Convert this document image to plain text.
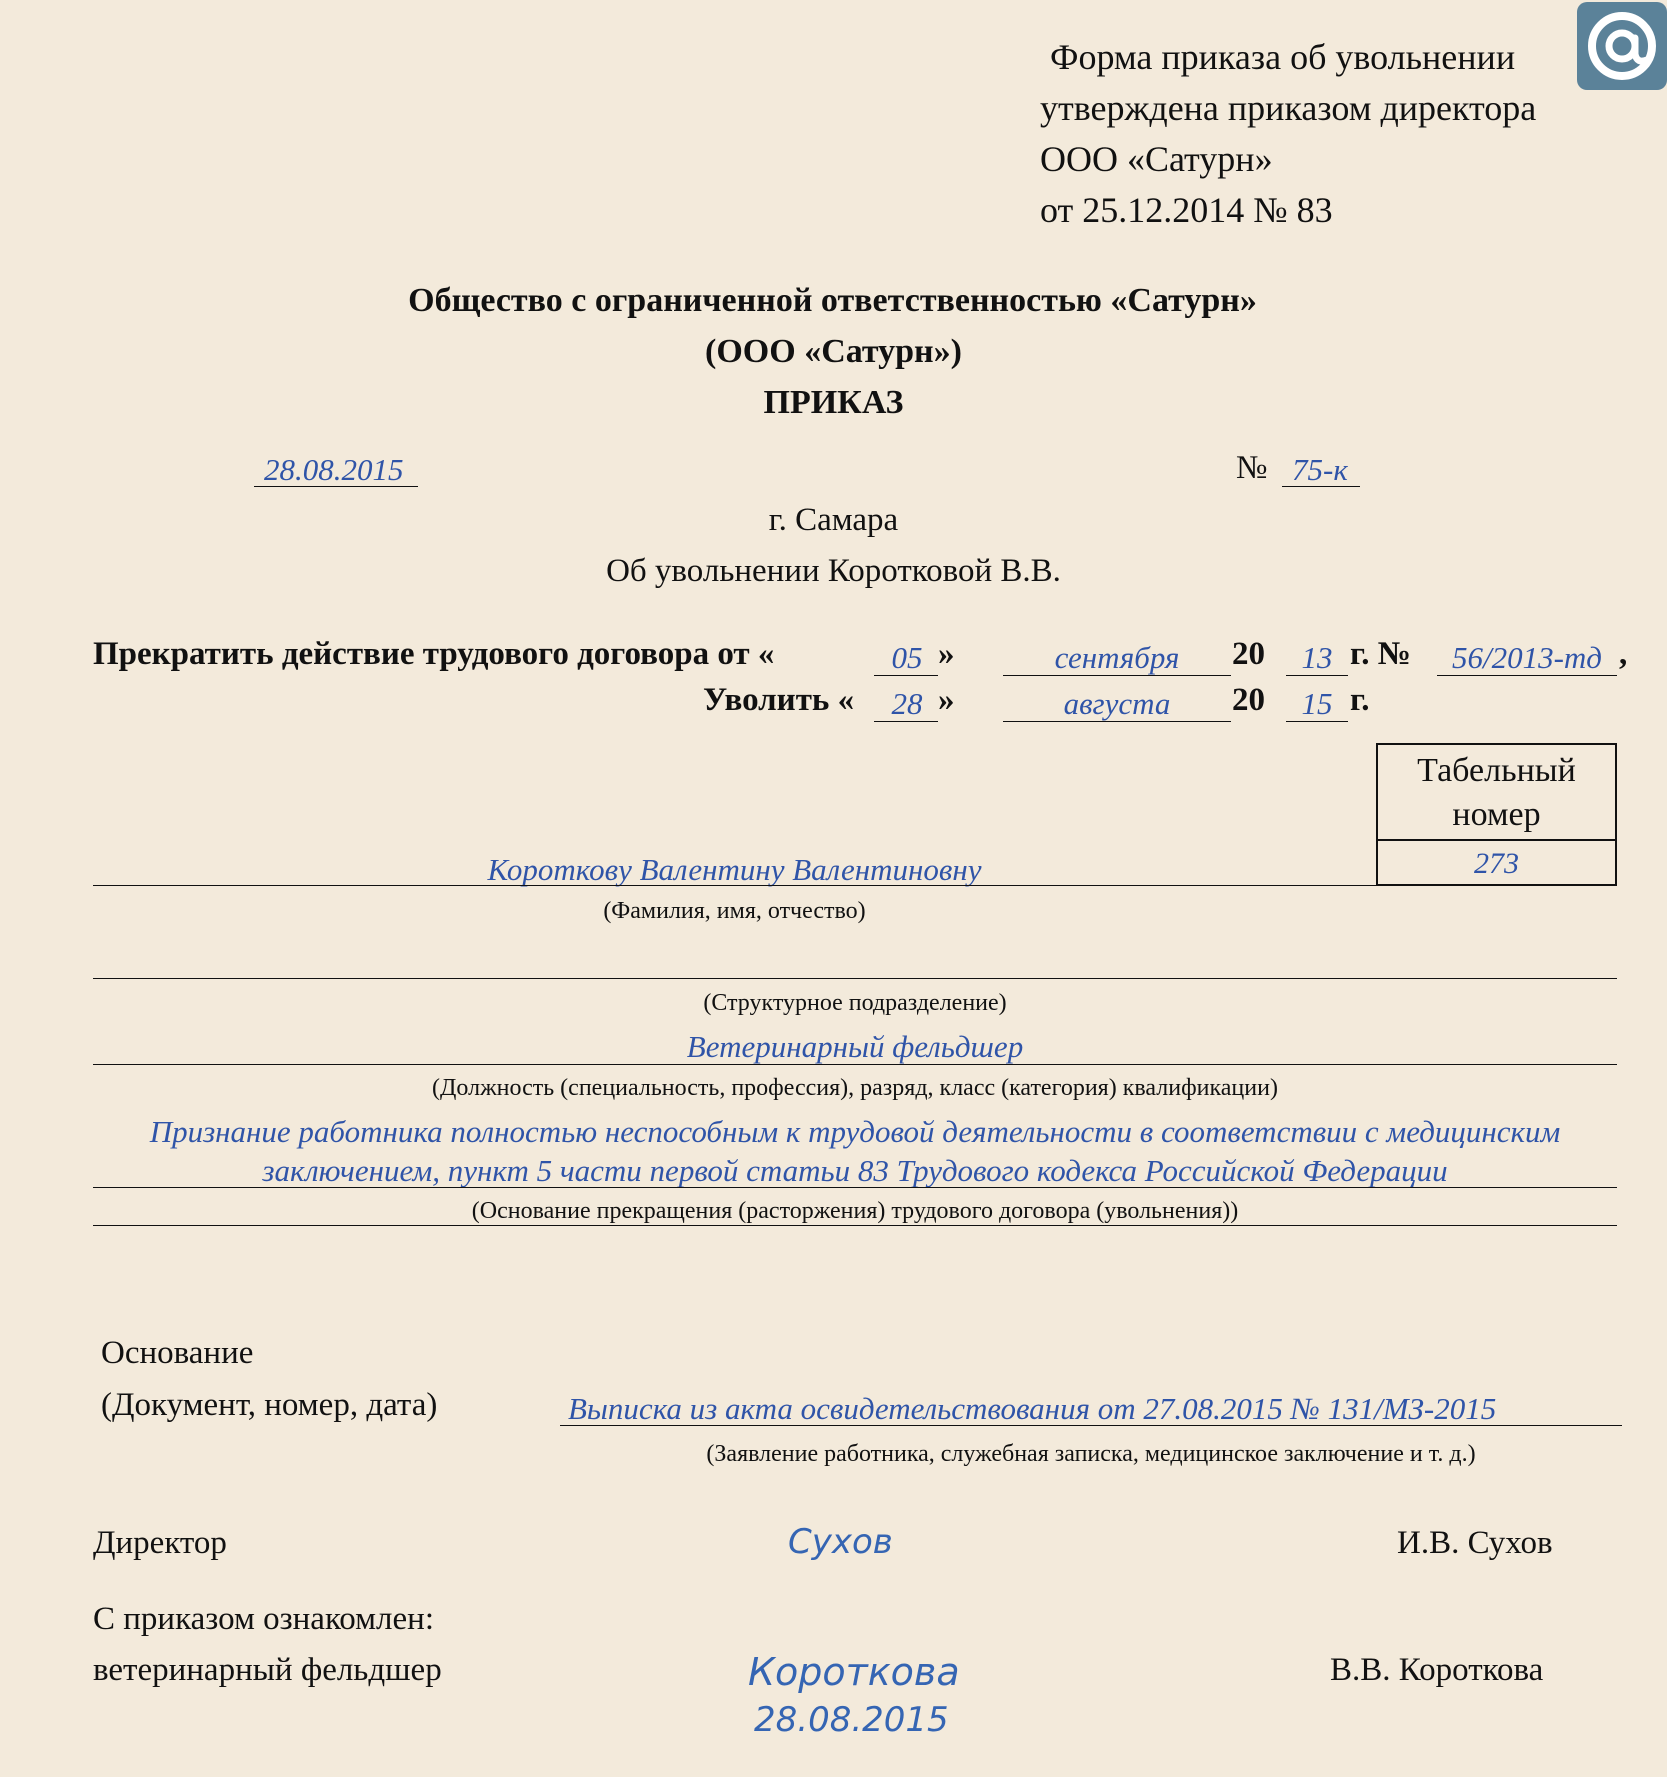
Форма приказа об увольнении
утверждена приказом директора
ООО «Сатурн»
от 25.12.2014 № 83
Общество с ограниченной ответственностью «Сатурн»
(ООО «Сатурн»)
ПРИКАЗ
28.08.2015	№ 75-к
г. Самара
Об увольнении Коротковой В.В.
Прекратить действие трудового договора от «	05 »	сентября	20	13 г. №	56/2013-тд ,
Уволить «	28 »	августа	20	15 г.
Табельный номер
273
Короткову Валентину Валентиновну
(Фамилия, имя, отчество)
(Структурное подразделение)
Ветеринарный фельдшер
(Должность (специальность, профессия), разряд, класс (категория) квалификации)
Признание работника полностью неспособным к трудовой деятельности в соответствии с медицинским
заключением, пункт 5 части первой статьи 83 Трудового кодекса Российской Федерации
(Основание прекращения (расторжения) трудового договора (увольнения))
Основание
(Документ, номер, дата)	Выписка из акта освидетельствования от 27.08.2015 № 131/МЗ-2015
(Заявление работника, служебная записка, медицинское заключение и т. д.)
Директор	Сухов	И.В. Сухов
С приказом ознакомлен:
ветеринарный фельдшер	Короткова
28.08.2015
В.В. Короткова
